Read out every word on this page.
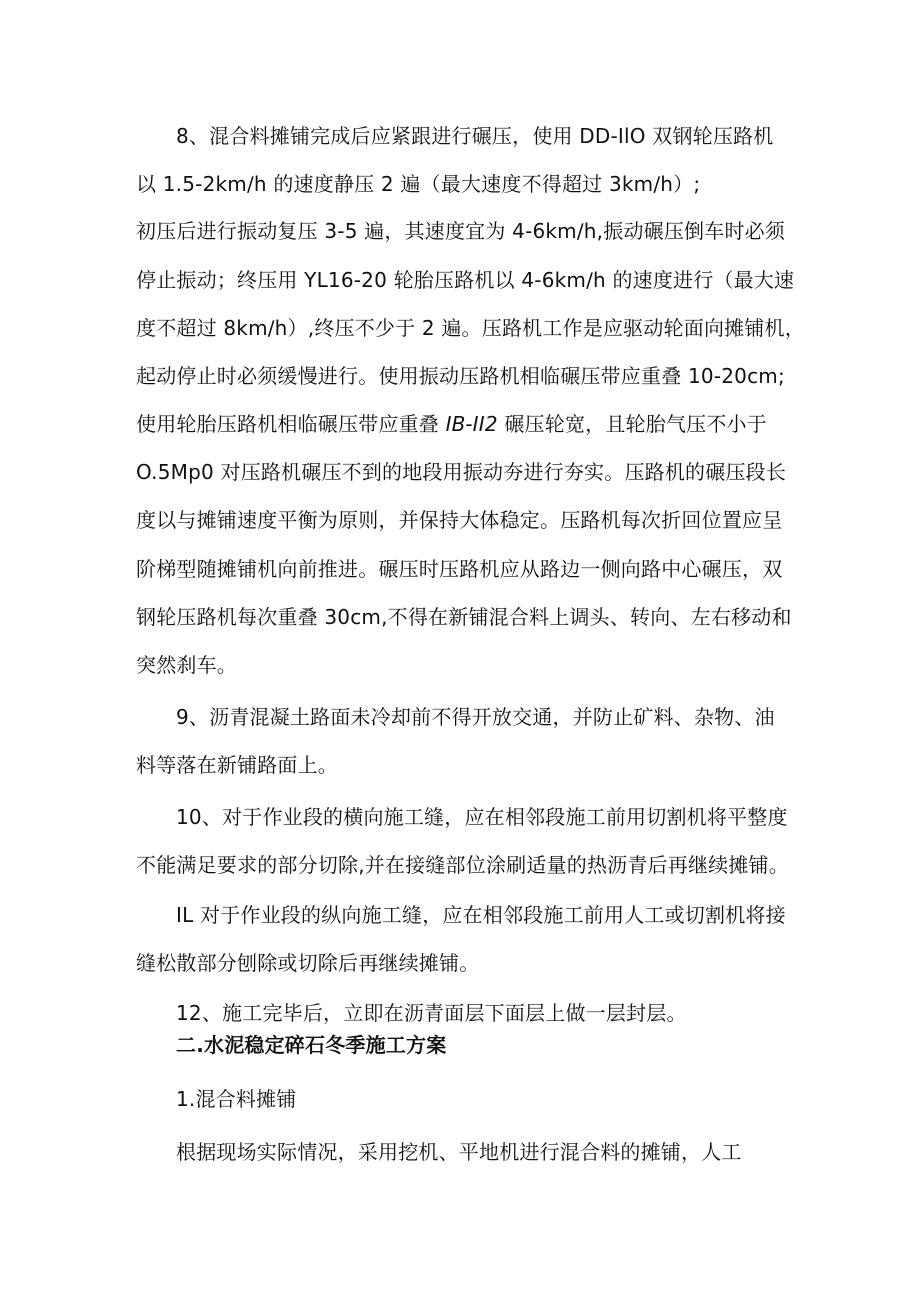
8、混合料摊铺完成后应紧跟进行碾压，使用 DD-IlO 双钢轮压路机
以 1.5-2km∕h 的速度静压 2 遍（最大速度不得超过 3km∕h）;
初压后进行振动复压 3-5 遍，其速度宜为 4-6km∕h,振动碾压倒车时必须
停止振动；终压用 YL16-20 轮胎压路机以 4-6km∕h 的速度进行（最大速
度不超过 8km∕h）,终压不少于 2 遍。压路机工作是应驱动轮面向摊铺机，
起动停止时必须缓慢进行。使用振动压路机相临碾压带应重叠 10-20cm;
使用轮胎压路机相临碾压带应重叠 IB-II2 碾压轮宽，且轮胎气压不小于
O.5Mp0 对压路机碾压不到的地段用振动夯进行夯实。压路机的碾压段长
度以与摊铺速度平衡为原则，并保持大体稳定。压路机每次折回位置应呈
阶梯型随摊铺机向前推进。碾压时压路机应从路边一侧向路中心碾压，双
钢轮压路机每次重叠 30cm,不得在新铺混合料上调头、转向、左右移动和
突然刹车。
9、沥青混凝土路面未冷却前不得开放交通，并防止矿料、杂物、油
料等落在新铺路面上。
10、对于作业段的横向施工缝，应在相邻段施工前用切割机将平整度
不能满足要求的部分切除,并在接缝部位涂刷适量的热沥青后再继续摊铺。
IL 对于作业段的纵向施工缝，应在相邻段施工前用人工或切割机将接
缝松散部分刨除或切除后再继续摊铺。
12、施工完毕后，立即在沥青面层下面层上做一层封层。
二.水泥稳定碎石冬季施工方案
1.混合料摊铺
根据现场实际情况，采用挖机、平地机进行混合料的摊铺，人工
